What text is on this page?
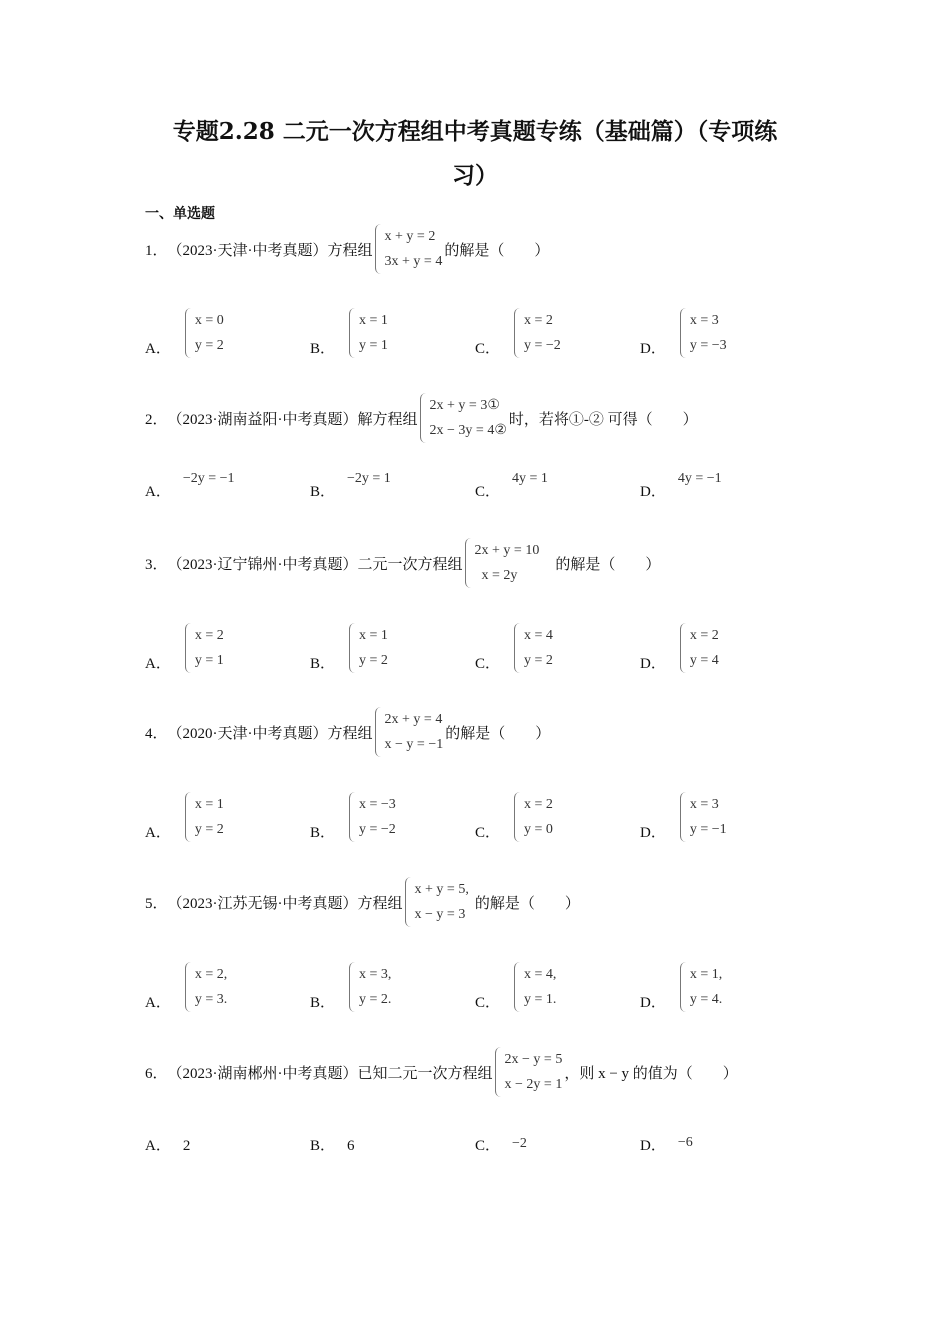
专题2.28 二元一次方程组中考真题专练（基础篇）（专项练
习）
一、单选题
1． （2023·天津·中考真题） 方程组
x + y = 2
3x + y = 4
的解是（　　）
A．
x = 0
y = 2	B．
x = 1
y = 1	C．
x = 2
y = −2	D．
x = 3
y = −3
2． （2023·湖南益阳·中考真题） 解方程组
2x + y = 3①
2x − 3y = 4②
时，若将①-② 可得（　　）
A．
−2y = −1
B．
−2y = 1
C．
4y = 1
D．
4y = −1
3． （2023·辽宁锦州·中考真题） 二元一次方程组
2x + y = 10
x = 2y
的解是（　　）
A．
x = 2
y = 1	B．
x = 1
y = 2	C．
x = 4
y = 2	D．
x = 2
y = 4
4． （2020·天津·中考真题） 方程组
2x + y = 4
x − y = −1
的解是（　　）
A．
x = 1
y = 2	B．
x = −3
y = −2	C．
x = 2
y = 0	D．
x = 3
y = −1
5． （2023·江苏无锡·中考真题） 方程组
x + y = 5,
x − y = 3
的解是（　　）
A．
x = 2,
y = 3.	B．
x = 3,
y = 2.	C．
x = 4,
y = 1.	D．
x = 1,
y = 4.
6． （2023·湖南郴州·中考真题） 已知二元一次方程组
2x − y = 5
x − 2y = 1
，则 x − y 的值为（　　）
A． 2	B． 6	C． −2	D． −6
